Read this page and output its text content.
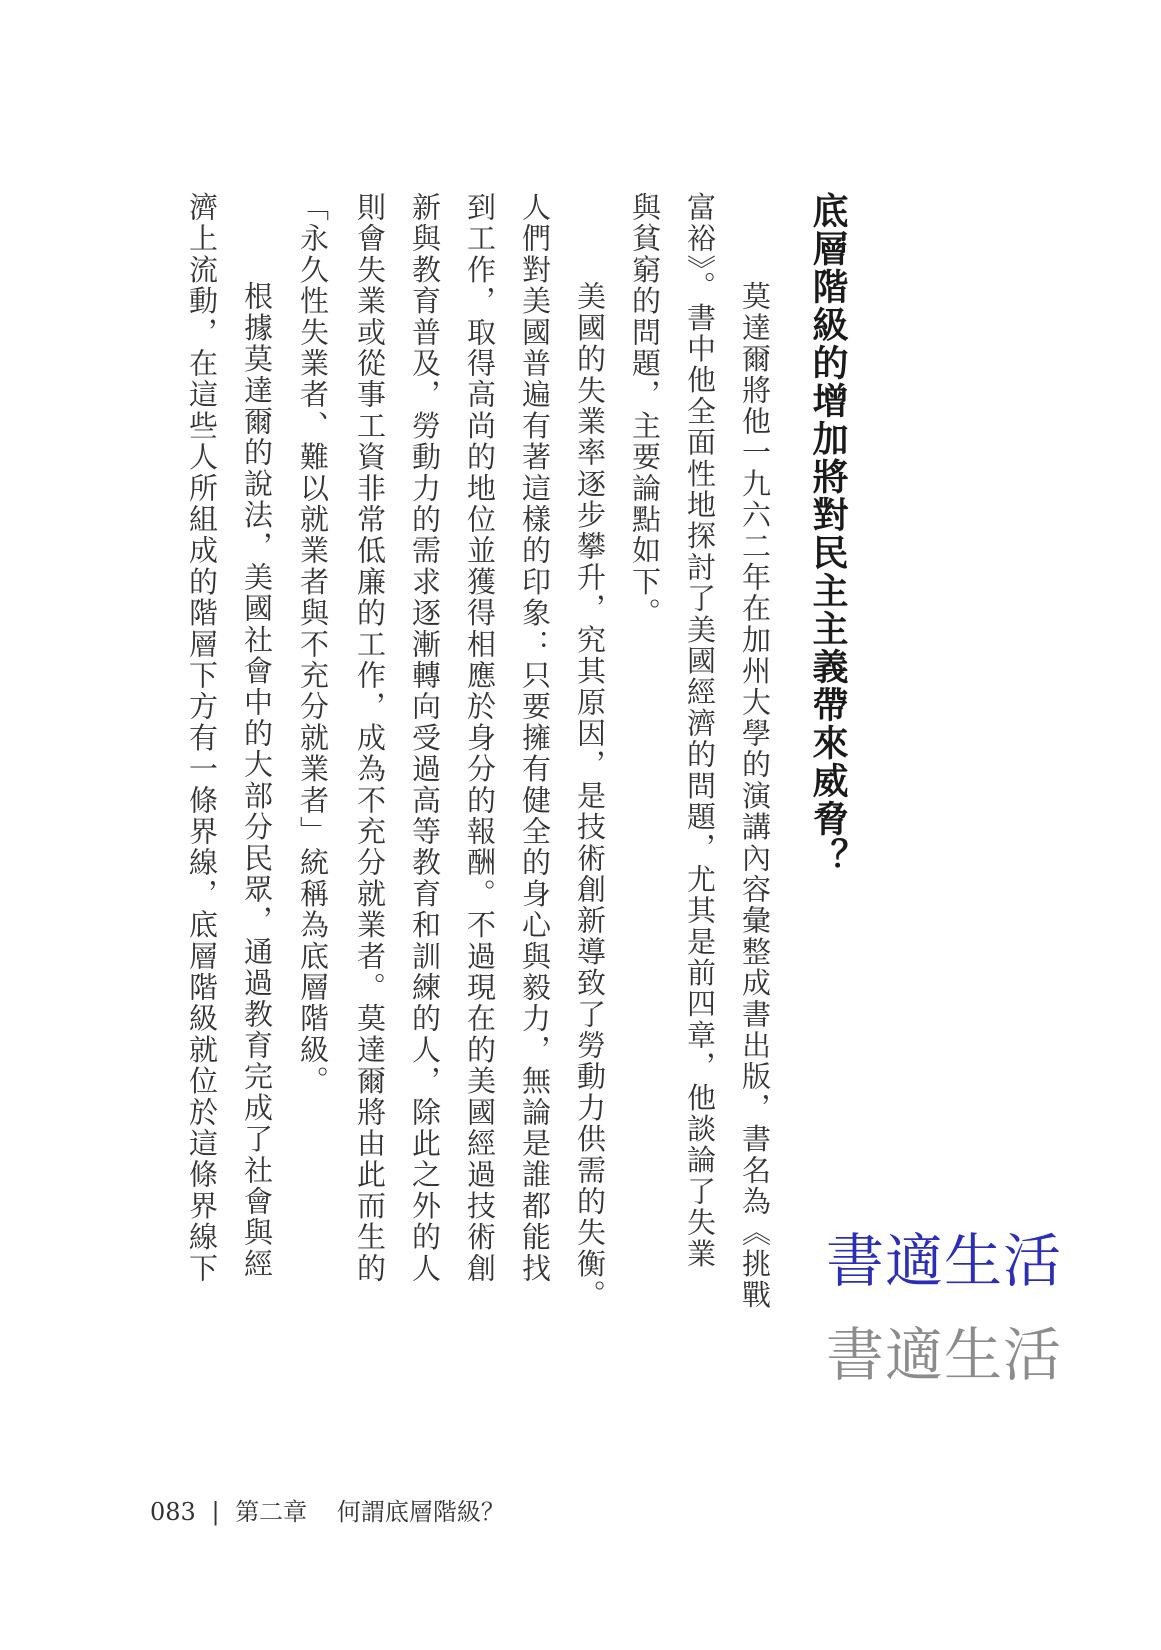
底層階級的增加將對民主主義帶來威脅？
　莫達爾將他一九六二年在加州大學的演講內容彙整成書出版，書名為《挑戰
富裕》。書中他全面性地探討了美國經濟的問題，尤其是前四章，他談論了失業
與貧窮的問題，主要論點如下。
　美國的失業率逐步攀升，究其原因，是技術創新導致了勞動力供需的失衡。
人們對美國普遍有著這樣的印象：只要擁有健全的身心與毅力，無論是誰都能找
到工作，取得高尚的地位並獲得相應於身分的報酬。不過現在的美國經過技術創
新與教育普及，勞動力的需求逐漸轉向受過高等教育和訓練的人，除此之外的人
則會失業或從事工資非常低廉的工作，成為不充分就業者。莫達爾將由此而生的
「永久性失業者、難以就業者與不充分就業者」統稱為底層階級。
　根據莫達爾的說法，美國社會中的大部分民眾，通過教育完成了社會與經
濟上流動，在這些人所組成的階層下方有一條界線，底層階級就位於這條界線下	書適生活
書適生活
083 | 第二章 何謂底層階級？
